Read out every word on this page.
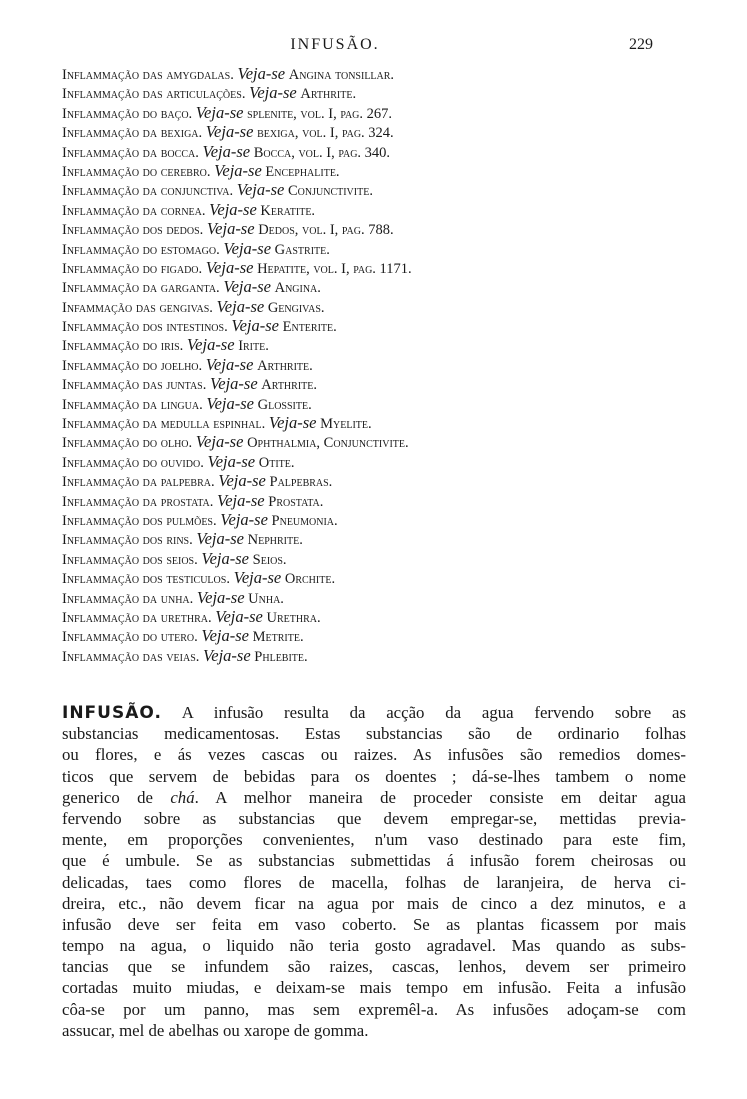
INFUSÃO.	229
Inflammação das amygdalas. Veja-se Angina tonsillar.
Inflammação das articulações. Veja-se Arthrite.
Inflammação do baço. Veja-se splenite, vol. I, pag. 267.
Inflammação da bexiga. Veja-se bexiga, vol. I, pag. 324.
Inflammação da bocca. Veja-se Bocca, vol. I, pag. 340.
Inflammação do cerebro. Veja-se Encephalite.
Inflammação da conjunctiva. Veja-se Conjunctivite.
Inflammação da cornea. Veja-se Keratite.
Inflammação dos dedos. Veja-se Dedos, vol. I, pag. 788.
Inflammação do estomago. Veja-se Gastrite.
Inflammação do figado. Veja-se Hepatite, vol. I, pag. 1171.
Inflammação da garganta. Veja-se Angina.
Infammação das gengivas. Veja-se Gengivas.
Inflammação dos intestinos. Veja-se Enterite.
Inflammação do iris. Veja-se Irite.
Inflammação do joelho. Veja-se Arthrite.
Inflammação das juntas. Veja-se Arthrite.
Inflammação da lingua. Veja-se Glossite.
Inflammação da medulla espinhal. Veja-se Myelite.
Inflammação do olho. Veja-se Ophthalmia, Conjunctivite.
Inflammação do ouvido. Veja-se Otite.
Inflammação da palpebra. Veja-se Palpebras.
Inflammação da prostata. Veja-se Prostata.
Inflammação dos pulmões. Veja-se Pneumonia.
Inflammação dos rins. Veja-se Nephrite.
Inflammação dos seios. Veja-se Seios.
Inflammação dos testiculos. Veja-se Orchite.
Inflammação da unha. Veja-se Unha.
Inflammação da urethra. Veja-se Urethra.
Inflammação do utero. Veja-se Metrite.
Inflammação das veias. Veja-se Phlebite.
INFUSÃO. A infusão resulta da acção da agua fervendo sobre as
substancias medicamentosas. Estas substancias são de ordinario folhas
ou flores, e ás vezes cascas ou raizes. As infusões são remedios domes-
ticos que servem de bebidas para os doentes ; dá-se-lhes tambem o nome
generico de chá. A melhor maneira de proceder consiste em deitar agua
fervendo sobre as substancias que devem empregar-se, mettidas previa-
mente, em proporções convenientes, n'um vaso destinado para este fim,
que é umbule. Se as substancias submettidas á infusão forem cheirosas ou
delicadas, taes como flores de macella, folhas de laranjeira, de herva ci-
dreira, etc., não devem ficar na agua por mais de cinco a dez minutos, e a
infusão deve ser feita em vaso coberto. Se as plantas ficassem por mais
tempo na agua, o liquido não teria gosto agradavel. Mas quando as subs-
tancias que se infundem são raizes, cascas, lenhos, devem ser primeiro
cortadas muito miudas, e deixam-se mais tempo em infusão. Feita a infusão
côa-se por um panno, mas sem expremêl-a. As infusões adoçam-se com
assucar, mel de abelhas ou xarope de gomma.
